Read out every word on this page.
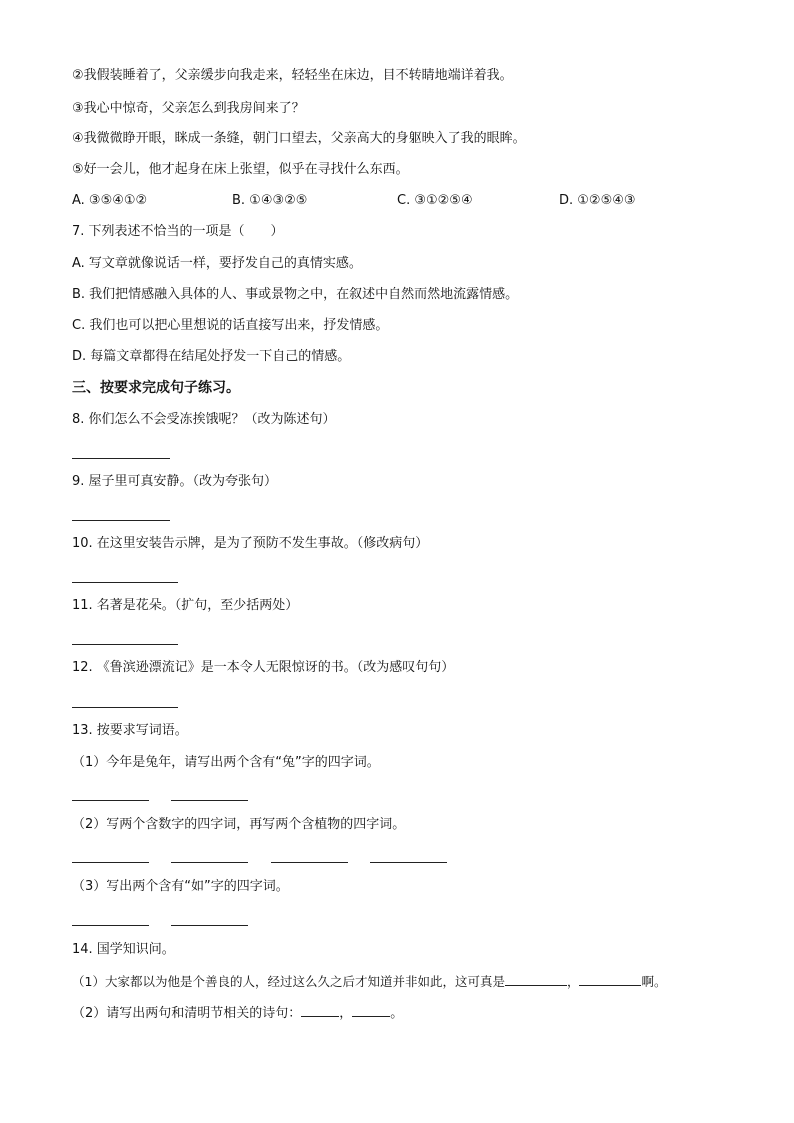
②我假装睡着了，父亲缓步向我走来，轻轻坐在床边，目不转睛地端详着我。
③我心中惊奇，父亲怎么到我房间来了？
④我微微睁开眼，眯成一条缝，朝门口望去，父亲高大的身躯映入了我的眼眸。
⑤好一会儿，他才起身在床上张望，似乎在寻找什么东西。
A. ③⑤④①②	B. ①④③②⑤	C. ③①②⑤④	D. ①②⑤④③
7. 下列表述不恰当的一项是（　　）
A. 写文章就像说话一样，要抒发自己的真情实感。
B. 我们把情感融入具体的人、事或景物之中，在叙述中自然而然地流露情感。
C. 我们也可以把心里想说的话直接写出来，抒发情感。
D. 每篇文章都得在结尾处抒发一下自己的情感。
三、按要求完成句子练习。
8. 你们怎么不会受冻挨饿呢？（改为陈述句）
9. 屋子里可真安静。（改为夸张句）
10. 在这里安装告示牌，是为了预防不发生事故。（修改病句）
11. 名著是花朵。（扩句，至少括两处）
12. 《鲁滨逊漂流记》是一本令人无限惊讶的书。（改为感叹句句）
13. 按要求写词语。
（1）今年是兔年，请写出两个含有“兔”字的四字词。
（2）写两个含数字的四字词，再写两个含植物的四字词。
（3）写出两个含有“如”字的四字词。
14. 国学知识问。
（1）大家都以为他是个善良的人，经过这么久之后才知道并非如此，这可真是	，	啊。
（2）请写出两句和清明节相关的诗句：	，	。
